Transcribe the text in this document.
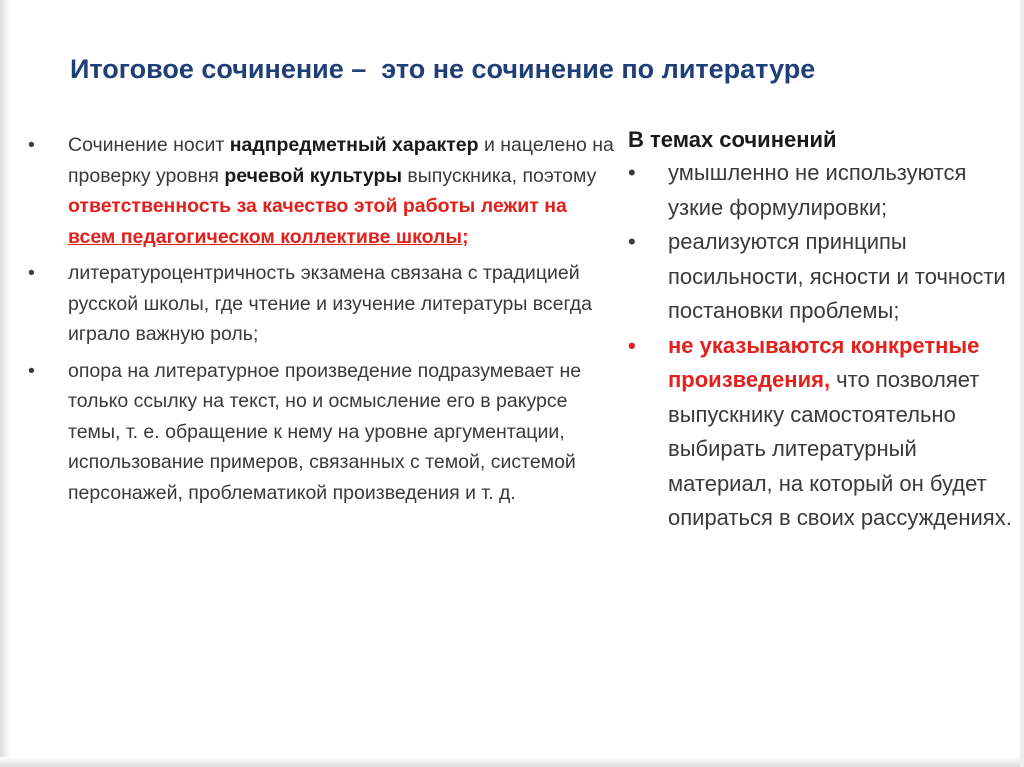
Итоговое сочинение –  это не сочинение по литературе
•	Сочинение носит надпредметный характер и нацелено на проверку уровня речевой культуры выпускника, поэтому ответственность за качество этой работы лежит на всем педагогическом коллективе школы;
•	литературоцентричность экзамена связана с традицией русской школы, где чтение и изучение литературы всегда играло важную роль;
•	опора на литературное произведение подразумевает не только ссылку на текст, но и осмысление его в ракурсе темы, т. е. обращение к нему на уровне аргументации, использование примеров, связанных с темой, системой персонажей, проблематикой произведения и т. д.
В темах сочинений
•	умышленно не используются узкие формулировки;
•	реализуются принципы посильности, ясности и точности постановки проблемы;
•	не указываются конкретные произведения, что позволяет выпускнику самостоятельно выбирать литературный материал, на который он будет опираться в своих рассуждениях.
